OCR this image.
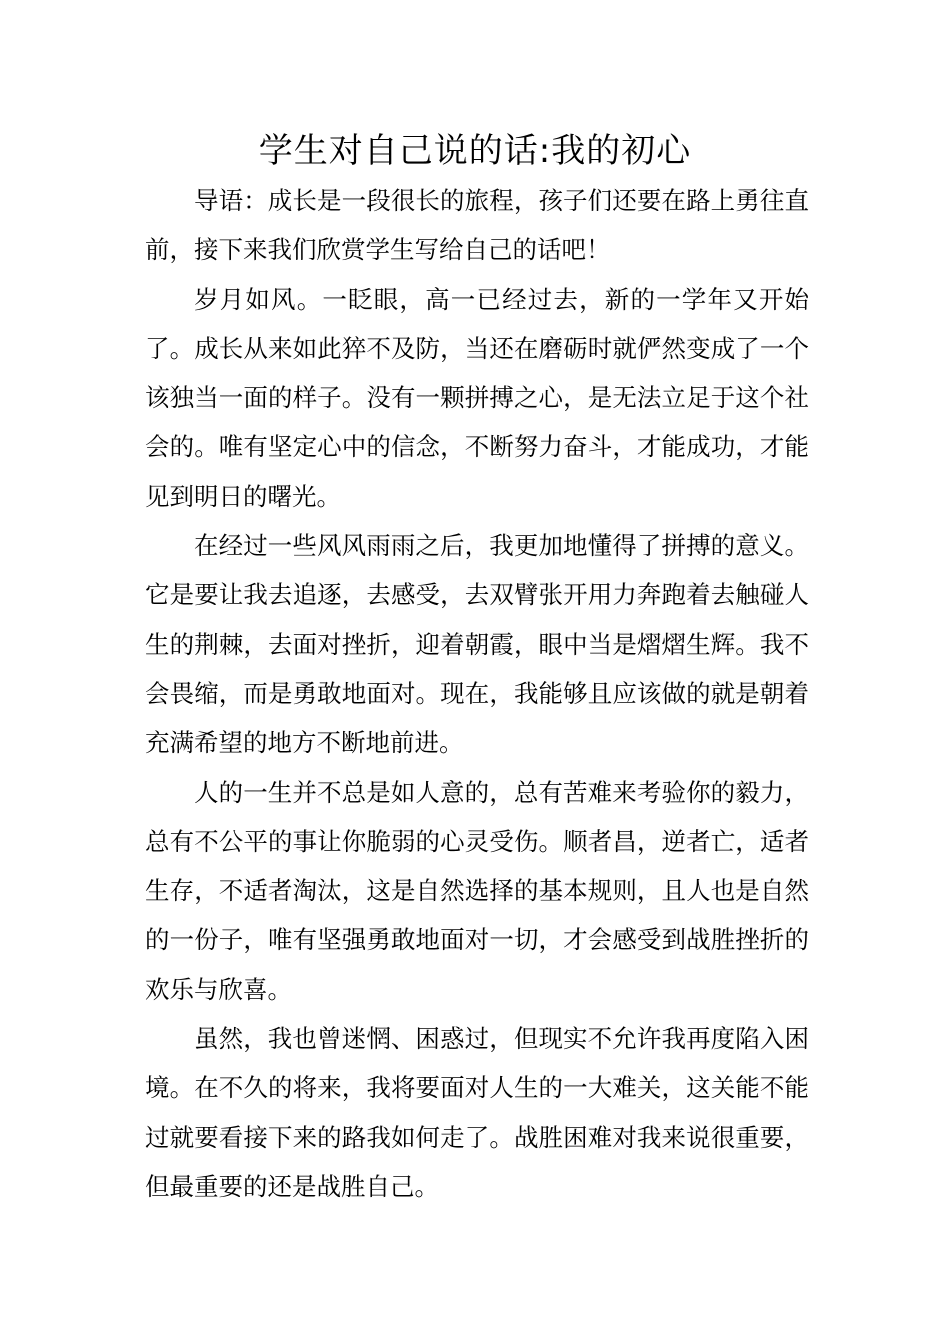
学生对自己说的话:我的初心

导语：成长是一段很长的旅程，孩子们还要在路上勇往直前，接下来我们欣赏学生写给自己的话吧！

岁月如风。一眨眼，高一已经过去，新的一学年又开始了。成长从来如此猝不及防，当还在磨砺时就俨然变成了一个该独当一面的样子。没有一颗拼搏之心，是无法立足于这个社会的。唯有坚定心中的信念，不断努力奋斗，才能成功，才能见到明日的曙光。

在经过一些风风雨雨之后，我更加地懂得了拼搏的意义。它是要让我去追逐，去感受，去双臂张开用力奔跑着去触碰人生的荆棘，去面对挫折，迎着朝霞，眼中当是熠熠生辉。我不会畏缩，而是勇敢地面对。现在，我能够且应该做的就是朝着充满希望的地方不断地前进。

人的一生并不总是如人意的，总有苦难来考验你的毅力，总有不公平的事让你脆弱的心灵受伤。顺者昌，逆者亡，适者生存，不适者淘汰，这是自然选择的基本规则，且人也是自然的一份子，唯有坚强勇敢地面对一切，才会感受到战胜挫折的欢乐与欣喜。

虽然，我也曾迷惘、困惑过，但现实不允许我再度陷入困境。在不久的将来，我将要面对人生的一大难关，这关能不能过就要看接下来的路我如何走了。战胜困难对我来说很重要，但最重要的还是战胜自己。
